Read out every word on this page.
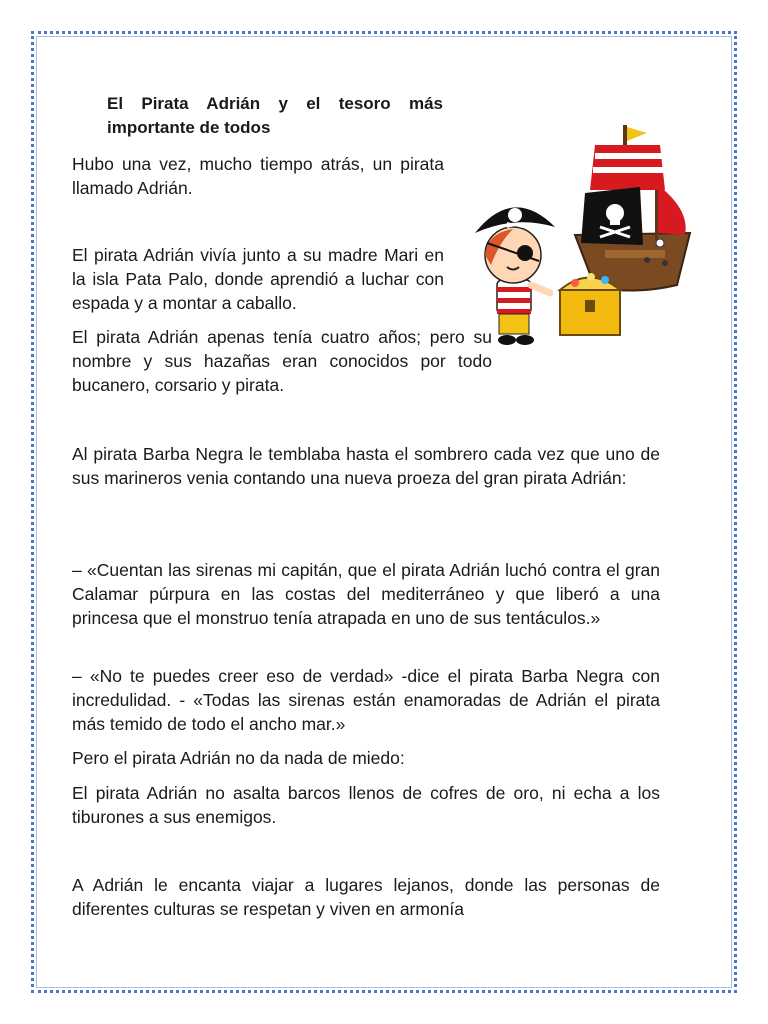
El Pirata Adrián y el tesoro más importante de todos

Hubo una vez, mucho tiempo atrás, un pirata llamado Adrián.

El pirata Adrián vivía junto a su madre Mari en la isla Pata Palo, donde aprendió a luchar con espada y a montar a caballo.

El pirata Adrián apenas tenía cuatro años; pero su nombre y sus hazañas eran conocidos por todo bucanero, corsario y pirata.

Al pirata Barba Negra le temblaba hasta el sombrero cada vez que uno de sus marineros venia contando una nueva proeza del gran pirata Adrián:

– «Cuentan las sirenas mi capitán, que el pirata Adrián luchó contra el gran Calamar púrpura en las costas del mediterráneo y que liberó a una princesa que el monstruo tenía atrapada en uno de sus tentáculos.»

– «No te puedes creer eso de verdad» -dice el pirata Barba Negra con incredulidad. - «Todas las sirenas están enamoradas de Adrián el pirata más temido de todo el ancho mar.»

Pero el pirata Adrián no da nada de miedo:

El pirata Adrián no asalta barcos llenos de cofres de oro, ni echa a los tiburones a sus enemigos.

A Adrián le encanta viajar a lugares lejanos, donde las personas de diferentes culturas se respetan y viven en armonía
